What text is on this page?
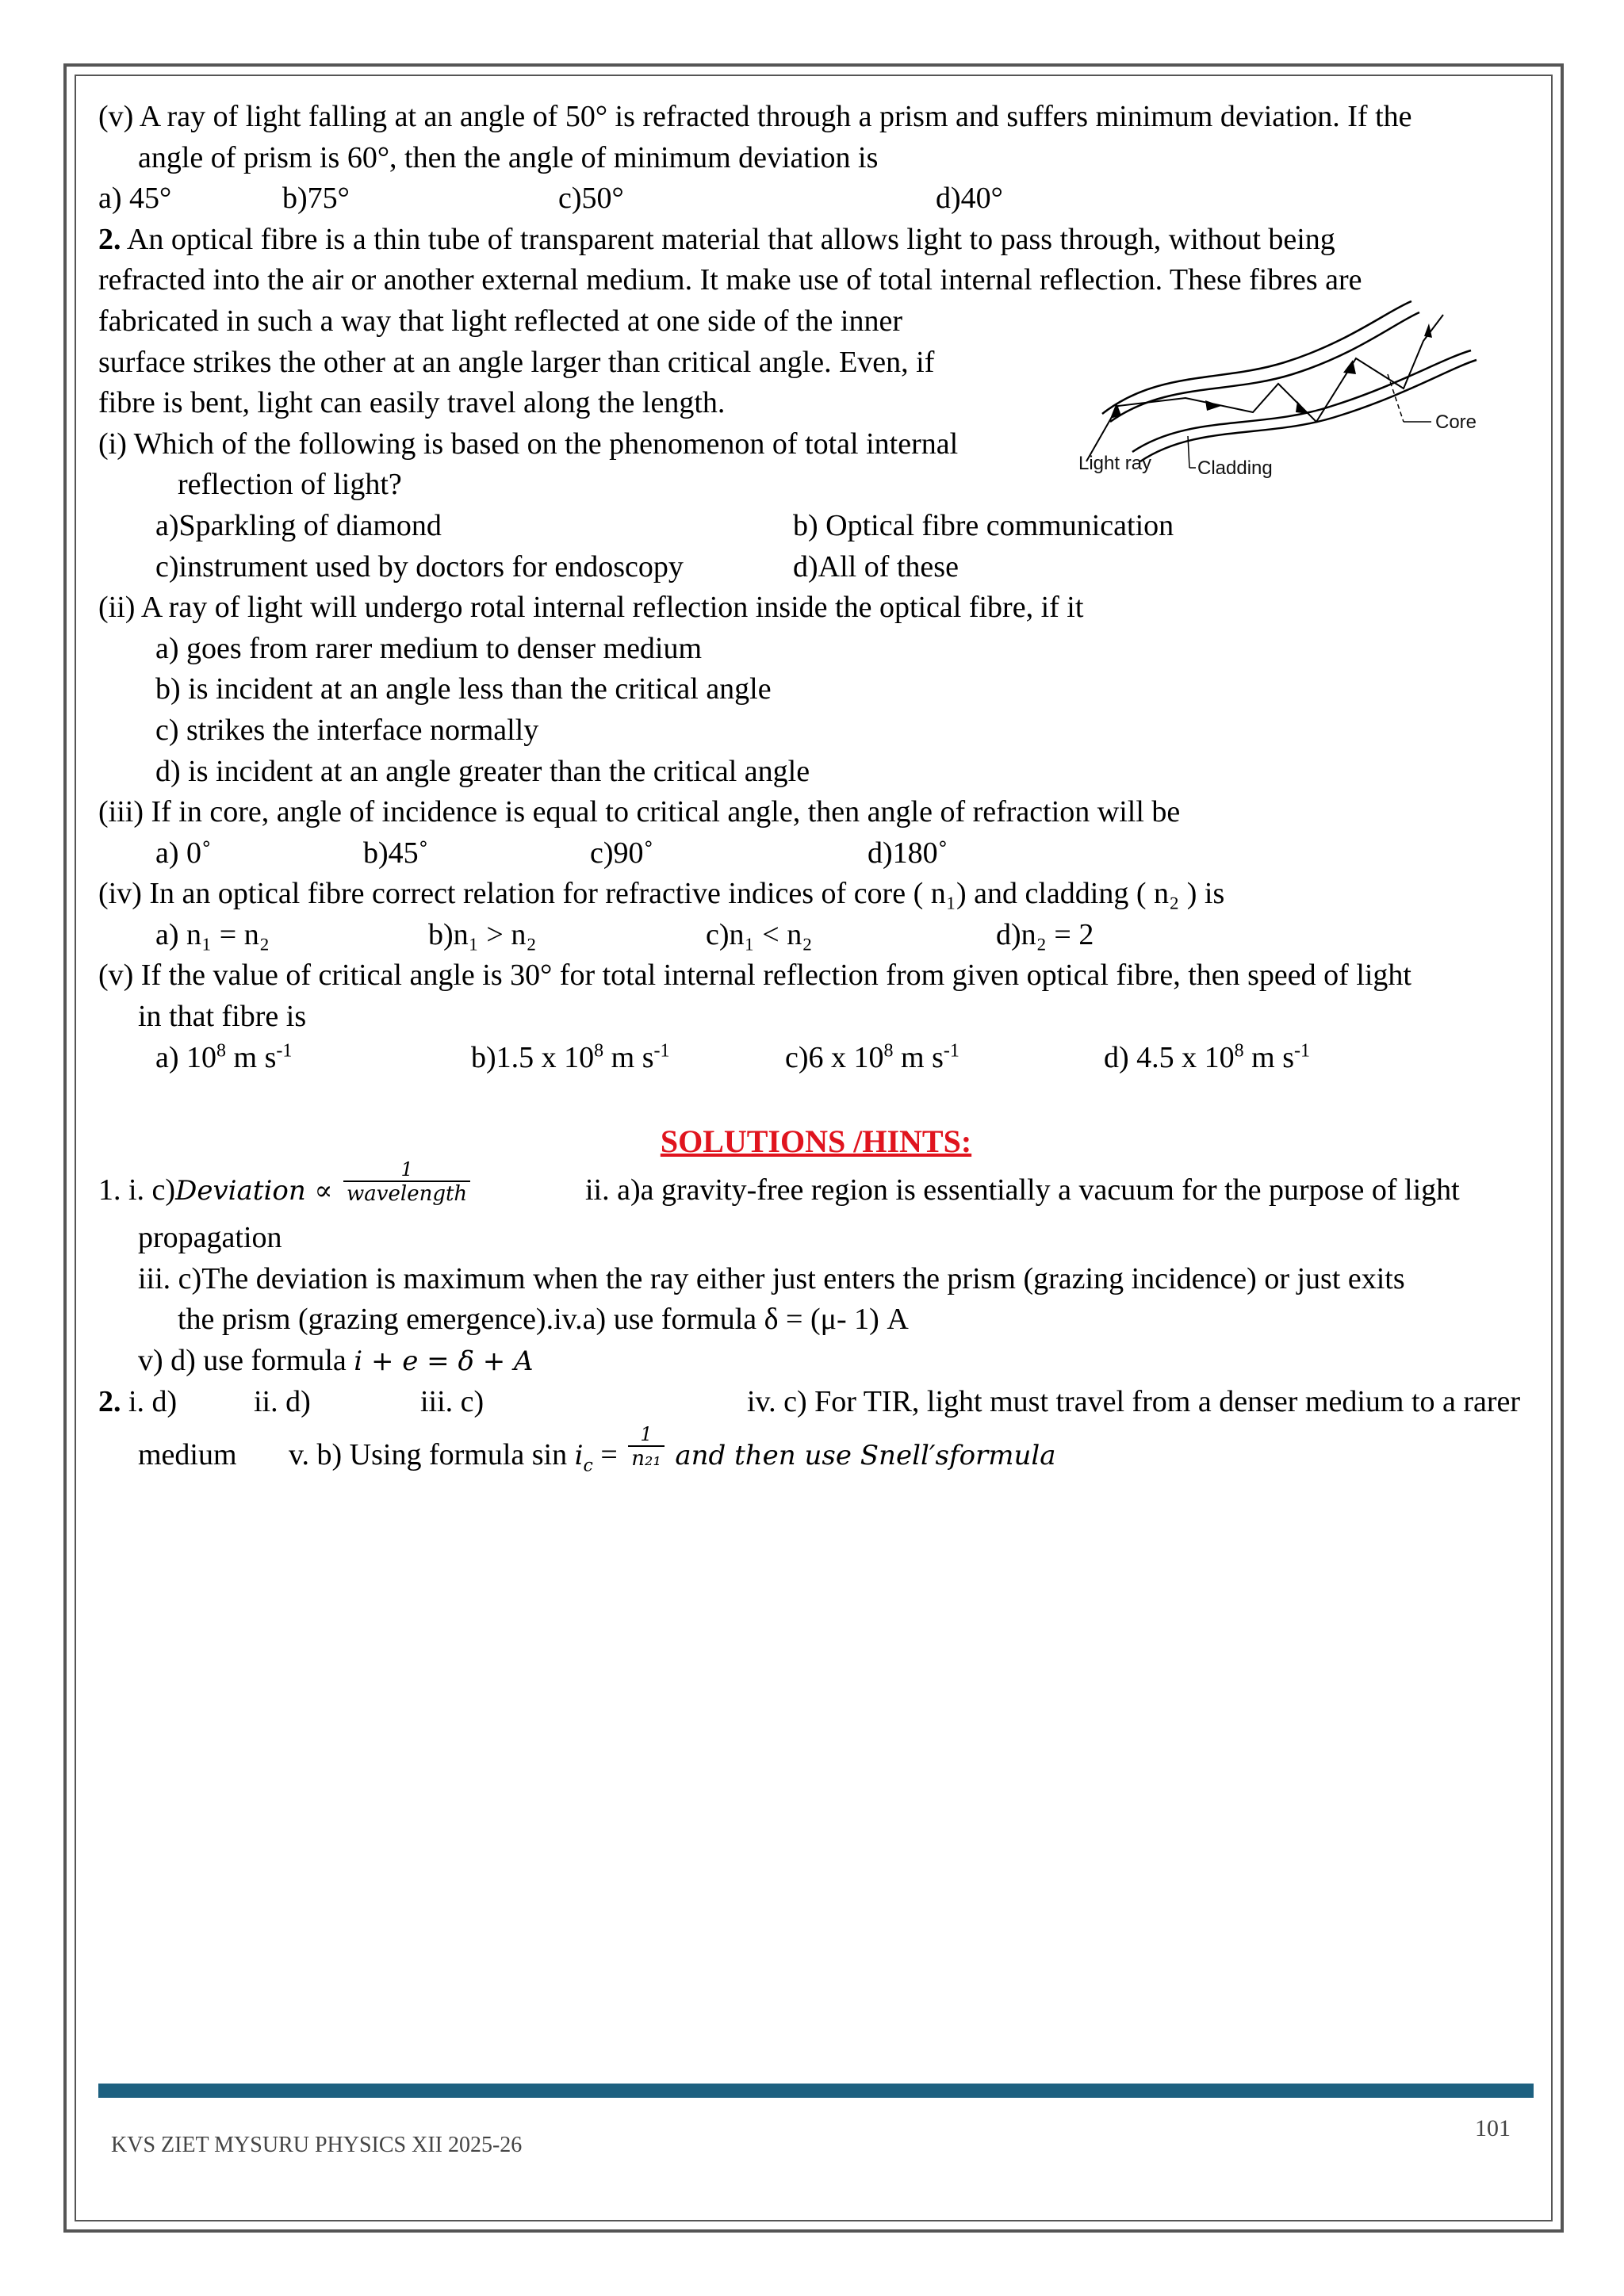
(v) A ray of light falling at an angle of 50° is refracted through a prism and suffers minimum deviation. If the
angle of prism is 60°, then the angle of minimum deviation is
a) 45°	b)75°	c)50°	d)40°
2. An optical fibre is a thin tube of transparent material that allows light to pass through, without being
refracted into the air or another external medium. It make use of total internal reflection. These fibres are
fabricated in such a way that light reflected at one side of the inner
surface strikes the other at an angle larger than critical angle. Even, if
fibre is bent, light can easily travel along the length.
(i) Which of the following is based on the phenomenon of total internal
reflection of light?
a)Sparkling of diamond	b) Optical fibre communication
c)instrument used by doctors for endoscopy	d)All of these
(ii) A ray of light will undergo rotal internal reflection inside the optical fibre, if it
a) goes from rarer medium to denser medium
b) is incident at an angle less than the critical angle
c) strikes the interface normally
d) is incident at an angle greater than the critical angle
(iii) If in core, angle of incidence is equal to critical angle, then angle of refraction will be
a) 0˚	b)45˚	c)90˚	d)180˚
(iv) In an optical fibre correct relation for refractive indices of core ( n₁) and cladding ( n₂ ) is
a) n₁ = n₂	b)n₁ > n₂	c)n₁ < n₂	d)n₂ = 2
(v) If the value of critical angle is 30° for total internal reflection from given optical fibre, then speed of light
in that fibre is
a) $10^8$ m $s^{-1}$	b)1.5 x $10^8$ m $s^{-1}$	c)6 x $10^8$ m $s^{-1}$	d) 4.5 x $10^8$ m $s^{-1}$
SOLUTIONS /HINTS:
1. i. c)Deviation ∝ $\frac{1}{\text{wavelength}}$	ii. a)a gravity-free region is essentially a vacuum for the purpose of light
propagation
iii. c)The deviation is maximum when the ray either just enters the prism (grazing incidence) or just exits
the prism (grazing emergence).iv.a) use formula δ = (μ- 1) A
v) d) use formula i + e = δ + A
2. i. d)	ii. d)	iii. c)	iv. c) For TIR, light must travel from a denser medium to a rarer
medium v. b) Using formula $\sin i_c = \frac{1}{\text{n₂₁}}$ and then use Snell′sformula
Core
Cladding
Light ray
KVS ZIET MYSURU PHYSICS XII 2025-26
101
